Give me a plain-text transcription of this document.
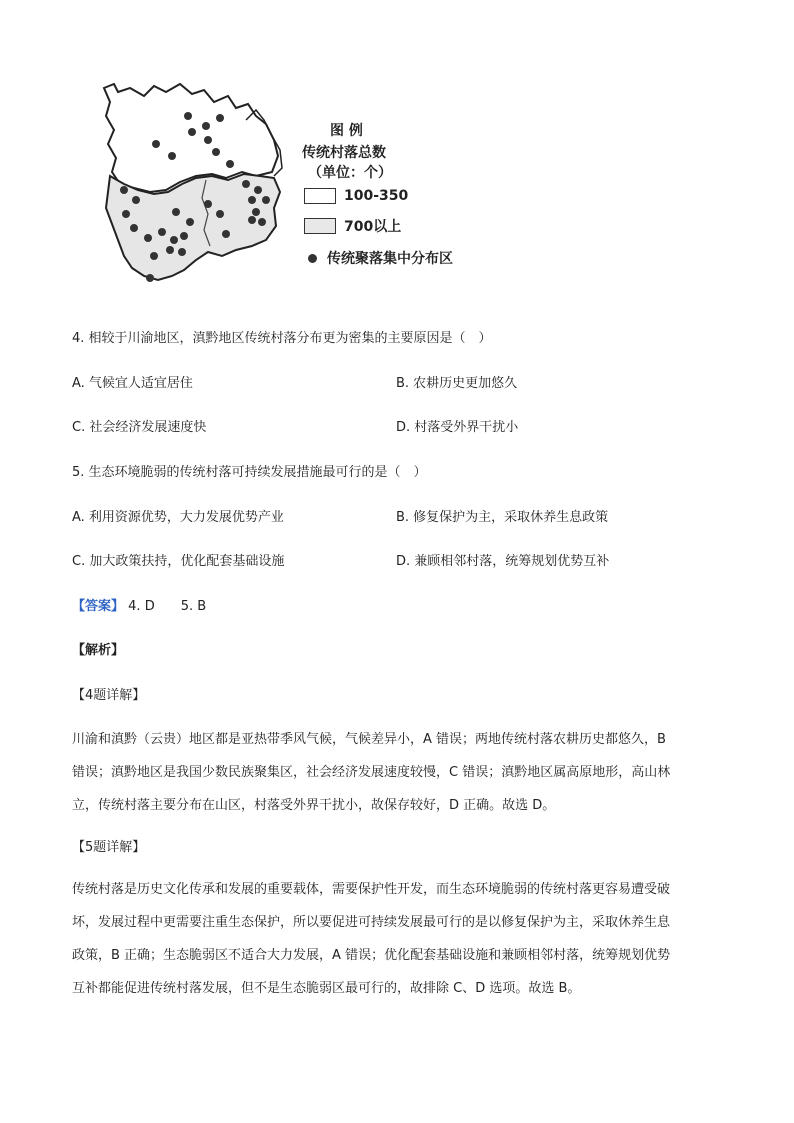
图 例
传统村落总数
（单位：个）
100-350
700以上
传统聚落集中分布区
4. 相较于川渝地区，滇黔地区传统村落分布更为密集的主要原因是（　）
A. 气候宜人适宜居住	B. 农耕历史更加悠久
C. 社会经济发展速度快	D. 村落受外界干扰小
5. 生态环境脆弱的传统村落可持续发展措施最可行的是（　）
A. 利用资源优势，大力发展优势产业	B. 修复保护为主，采取休养生息政策
C. 加大政策扶持，优化配套基础设施	D. 兼顾相邻村落，统筹规划优势互补
【答案】 4. D　　5. B
【解析】
【4题详解】
川渝和滇黔（云贵）地区都是亚热带季风气候，气候差异小，A 错误；两地传统村落农耕历史都悠久，B
错误；滇黔地区是我国少数民族聚集区，社会经济发展速度较慢，C 错误；滇黔地区属高原地形，高山林
立，传统村落主要分布在山区，村落受外界干扰小，故保存较好，D 正确。故选 D。
【5题详解】
传统村落是历史文化传承和发展的重要载体，需要保护性开发，而生态环境脆弱的传统村落更容易遭受破
坏，发展过程中更需要注重生态保护，所以要促进可持续发展最可行的是以修复保护为主，采取休养生息
政策，B 正确；生态脆弱区不适合大力发展，A 错误；优化配套基础设施和兼顾相邻村落，统筹规划优势
互补都能促进传统村落发展，但不是生态脆弱区最可行的，故排除 C、D 选项。故选 B。
